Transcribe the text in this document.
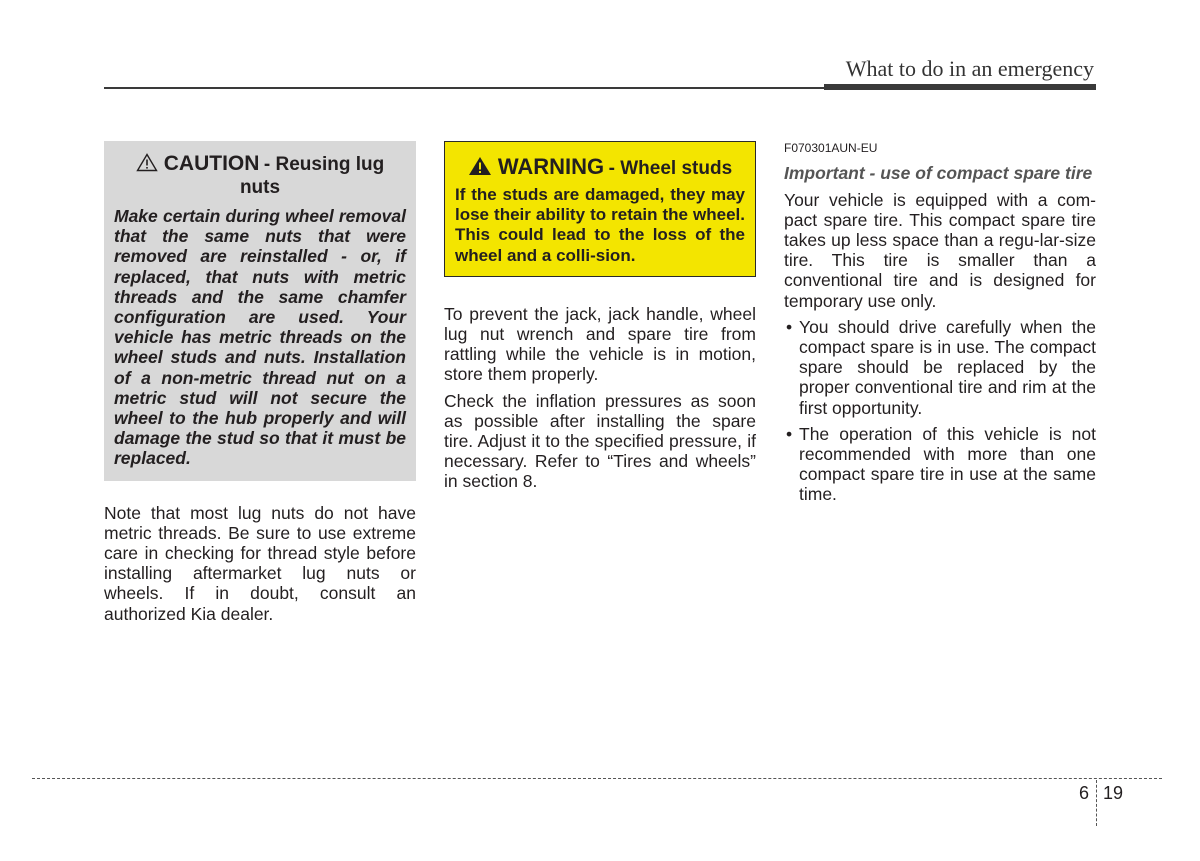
What to do in an emergency
CAUTION - Reusing lug
nuts

Make certain during wheel removal that the same nuts that were removed are reinstalled - or, if replaced, that nuts with metric threads and the same chamfer configuration are used. Your vehicle has metric threads on the wheel studs and nuts. Installation of a non-metric thread nut on a metric stud will not secure the wheel to the hub properly and will damage the stud so that it must be replaced.

Note that most lug nuts do not have metric threads. Be sure to use extreme care in checking for thread style before installing aftermarket lug nuts or wheels. If in doubt, consult an authorized Kia dealer.

WARNING - Wheel studs

If the studs are damaged, they may lose their ability to retain the wheel. This could lead to the loss of the wheel and a colli-sion.

To prevent the jack, jack handle, wheel lug nut wrench and spare tire from rattling while the vehicle is in motion, store them properly.

Check the inflation pressures as soon as possible after installing the spare tire. Adjust it to the specified pressure, if necessary. Refer to “Tires and wheels” in section 8.

F070301AUN-EU

Important - use of compact spare tire

Your vehicle is equipped with a com-pact spare tire. This compact spare tire takes up less space than a regu-lar-size tire. This tire is smaller than a conventional tire and is designed for temporary use only.

• You should drive carefully when the compact spare is in use. The compact spare should be replaced by the proper conventional tire and rim at the first opportunity.
• The operation of this vehicle is not recommended with more than one compact spare tire in use at the same time.
6 19
